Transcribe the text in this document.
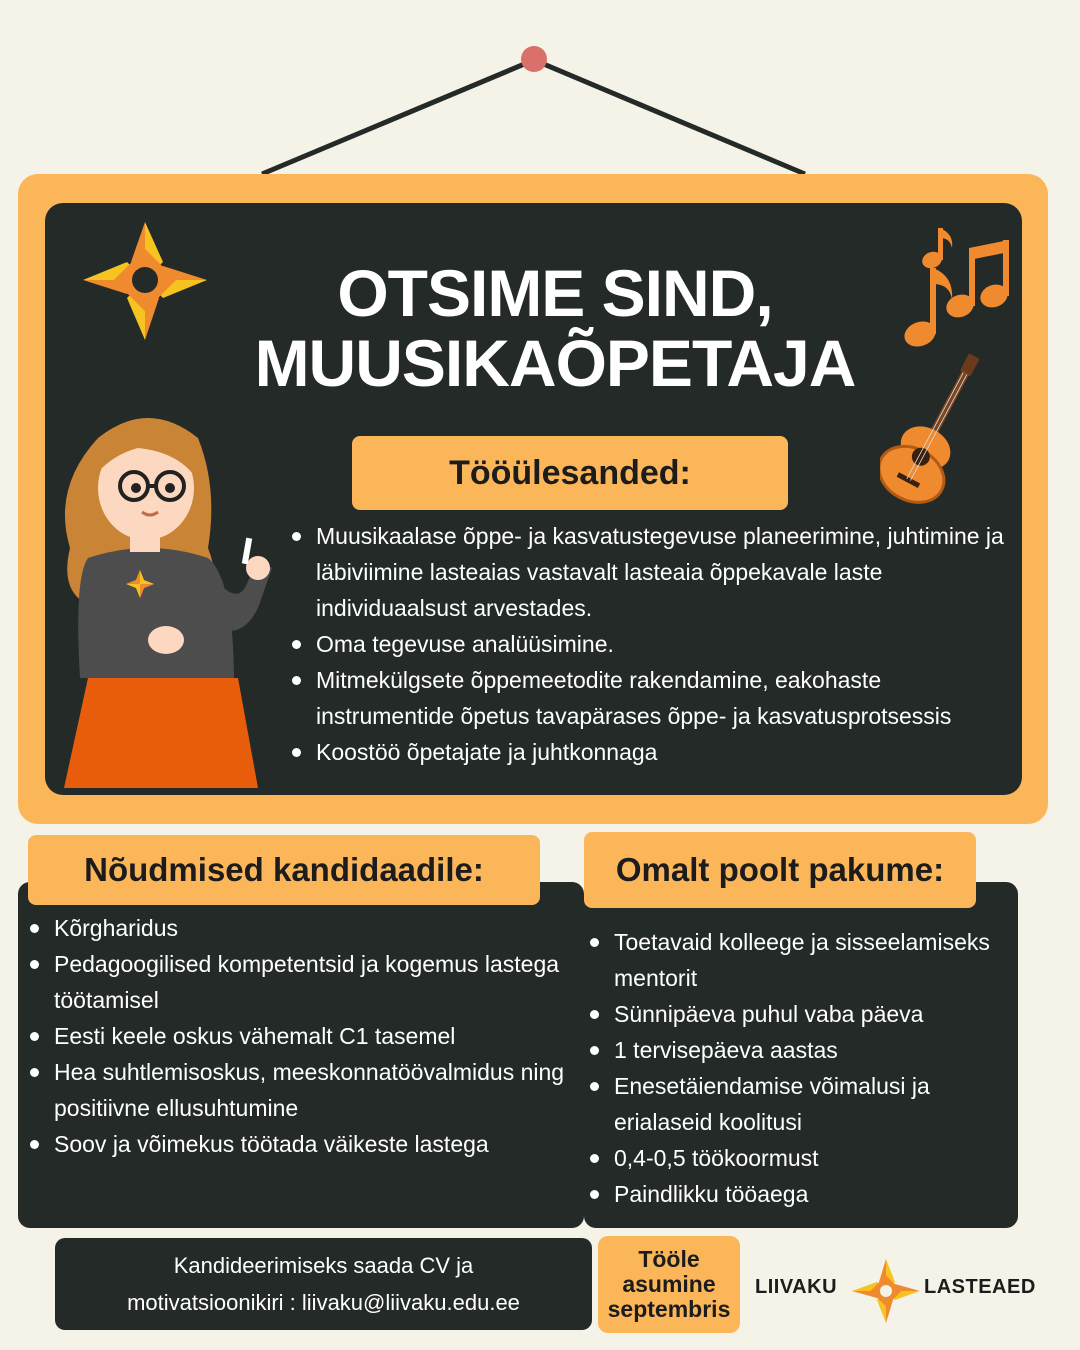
OTSIME SIND,
MUUSIKAÕPETAJA
Tööülesanded:
Muusikaalase õppe- ja kasvatustegevuse planeerimine, juhtimine ja läbiviimine lasteaias vastavalt lasteaia õppekavale laste individuaalsust arvestades.
Oma tegevuse analüüsimine.
Mitmekülgsete õppemeetodite rakendamine, eakohaste instrumentide õpetus tavapärases õppe- ja kasvatusprotsessis
Koostöö õpetajate ja juhtkonnaga
Nõudmised kandidaadile:	Omalt poolt pakume:
Kõrgharidus
Pedagoogilised kompetentsid ja kogemus lastega töötamisel
Eesti keele oskus vähemalt C1 tasemel
Hea suhtlemisoskus, meeskonnatöövalmidus ning positiivne ellusuhtumine
Soov ja võimekus töötada väikeste lastega
Toetavaid kolleege ja sisseelamiseks mentorit
Sünnipäeva puhul vaba päeva
1 tervisepäeva aastas
Enesetäiendamise võimalusi ja erialaseid koolitusi
0,4-0,5 töökoormust
Paindlikku tööaega
Kandideerimiseks saada CV ja
motivatsioonikiri : liivaku@liivaku.edu.ee
Tööle
asumine
septembris
LIIVAKU	LASTEAED
